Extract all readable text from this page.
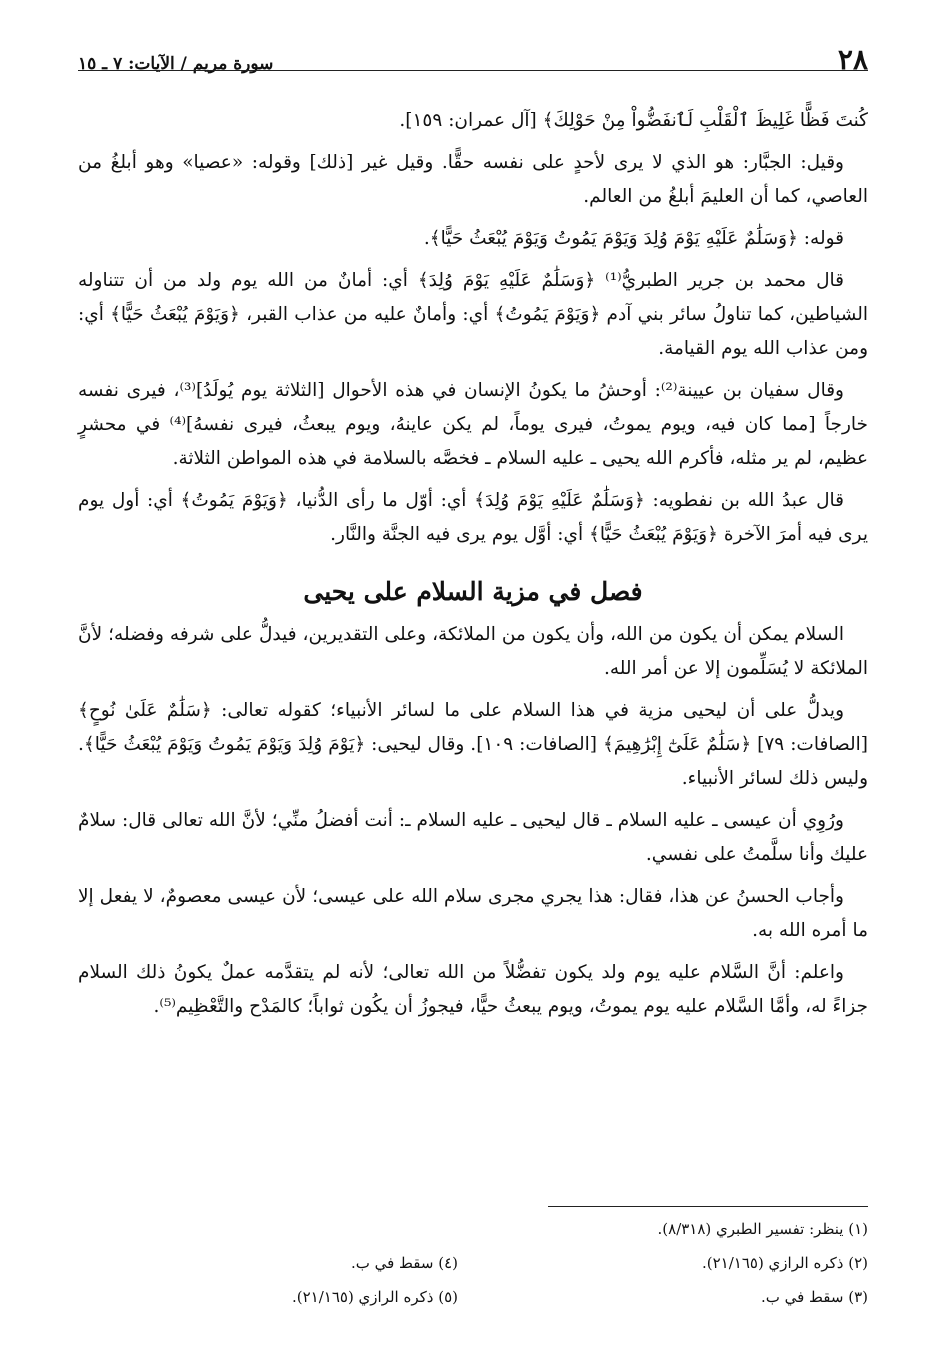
٢٨
سورة مريم / الآيات: ٧ ـ ١٥

كُنتَ فَظًّا غَلِيظَ ٱلْقَلْبِ لَٱنفَضُّواْ مِنْ حَوْلِكَ﴾ [آل عمران: ١٥٩].

وقيل: الجبَّار: هو الذي لا يرى لأحدٍ على نفسه حقًّا. وقيل غير [ذلك] وقوله: «عصيا» وهو أبلغُ من العاصي، كما أن العليمَ أبلغُ من العالم.

قوله: ﴿وَسَلَٰمٌ عَلَيْهِ يَوْمَ وُلِدَ وَيَوْمَ يَمُوتُ وَيَوْمَ يُبْعَثُ حَيًّا﴾.

قال محمد بن جرير الطبريُّ⁽¹⁾ ﴿وَسَلَٰمٌ عَلَيْهِ يَوْمَ وُلِدَ﴾ أي: أمانٌ من الله يوم ولد من أن تتناوله الشياطين، كما تناولُ سائر بني آدم ﴿وَيَوْمَ يَمُوتُ﴾ أي: وأمانٌ عليه من عذاب القبر، ﴿وَيَوْمَ يُبْعَثُ حَيًّا﴾ أي: ومن عذاب الله يوم القيامة.

وقال سفيان بن عيينة⁽²⁾: أوحشُ ما يكونُ الإنسان في هذه الأحوال [الثلاثة يوم يُولَدُ]⁽³⁾، فيرى نفسه خارجاً [مما كان فيه، ويوم يموتُ، فيرى يوماً، لم يكن عاينهُ، ويوم يبعثُ، فيرى نفسهُ]⁽⁴⁾ في محشرٍ عظيم، لم ير مثله، فأكرم الله يحيى ـ عليه السلام ـ فخصَّه بالسلامة في هذه المواطن الثلاثة.

قال عبدُ الله بن نفطويه: ﴿وَسَلَٰمٌ عَلَيْهِ يَوْمَ وُلِدَ﴾ أي: أوّل ما رأى الدُّنيا، ﴿وَيَوْمَ يَمُوتُ﴾ أي: أول يوم يرى فيه أمرَ الآخرة ﴿وَيَوْمَ يُبْعَثُ حَيًّا﴾ أي: أوَّل يوم يرى فيه الجنَّة والنَّار.

فصل في مزية السلام على يحيى

السلام يمكن أن يكون من الله، وأن يكون من الملائكة، وعلى التقديرين، فيدلُّ على شرفه وفضله؛ لأنَّ الملائكة لا يُسَلِّمون إلا عن أمر الله.

ويدلُّ على أن ليحيى مزية في هذا السلام على ما لسائر الأنبياء؛ كقوله تعالى: ﴿سَلَٰمٌ عَلَىٰ نُوحٍ﴾ [الصافات: ٧٩] ﴿سَلَٰمٌ عَلَىٰٓ إِبْرَٰهِيمَ﴾ [الصافات: ١٠٩]. وقال ليحيى: ﴿يَوْمَ وُلِدَ وَيَوْمَ يَمُوتُ وَيَوْمَ يُبْعَثُ حَيًّا﴾. وليس ذلك لسائر الأنبياء.

ورُوِي أن عيسى ـ عليه السلام ـ قال ليحيى ـ عليه السلام ـ: أنت أفضلُ منِّي؛ لأنَّ الله تعالى قال: سلامٌ عليك وأنا سلَّمتُ على نفسي.

وأجاب الحسنُ عن هذا، فقال: هذا يجري مجرى سلام الله على عيسى؛ لأن عيسى معصومٌ، لا يفعل إلا ما أمره الله به.

واعلم: أنَّ السَّلام عليه يوم ولد يكون تفضُّلاً من الله تعالى؛ لأنه لم يتقدَّمه عملٌ يكونُ ذلك السلام جزاءً له، وأمَّا السَّلام عليه يوم يموتُ، ويوم يبعثُ حيًّا، فيجوزُ أن يكُون ثواباً؛ كالمَدْح والتَّعْظِيم⁽⁵⁾.

(١) ينظر: تفسير الطبري (٨/٣١٨).
(٢) ذكره الرازي (٢١/١٦٥).
(٣) سقط في ب.
(٤) سقط في ب.
(٥) ذكره الرازي (٢١/١٦٥).
